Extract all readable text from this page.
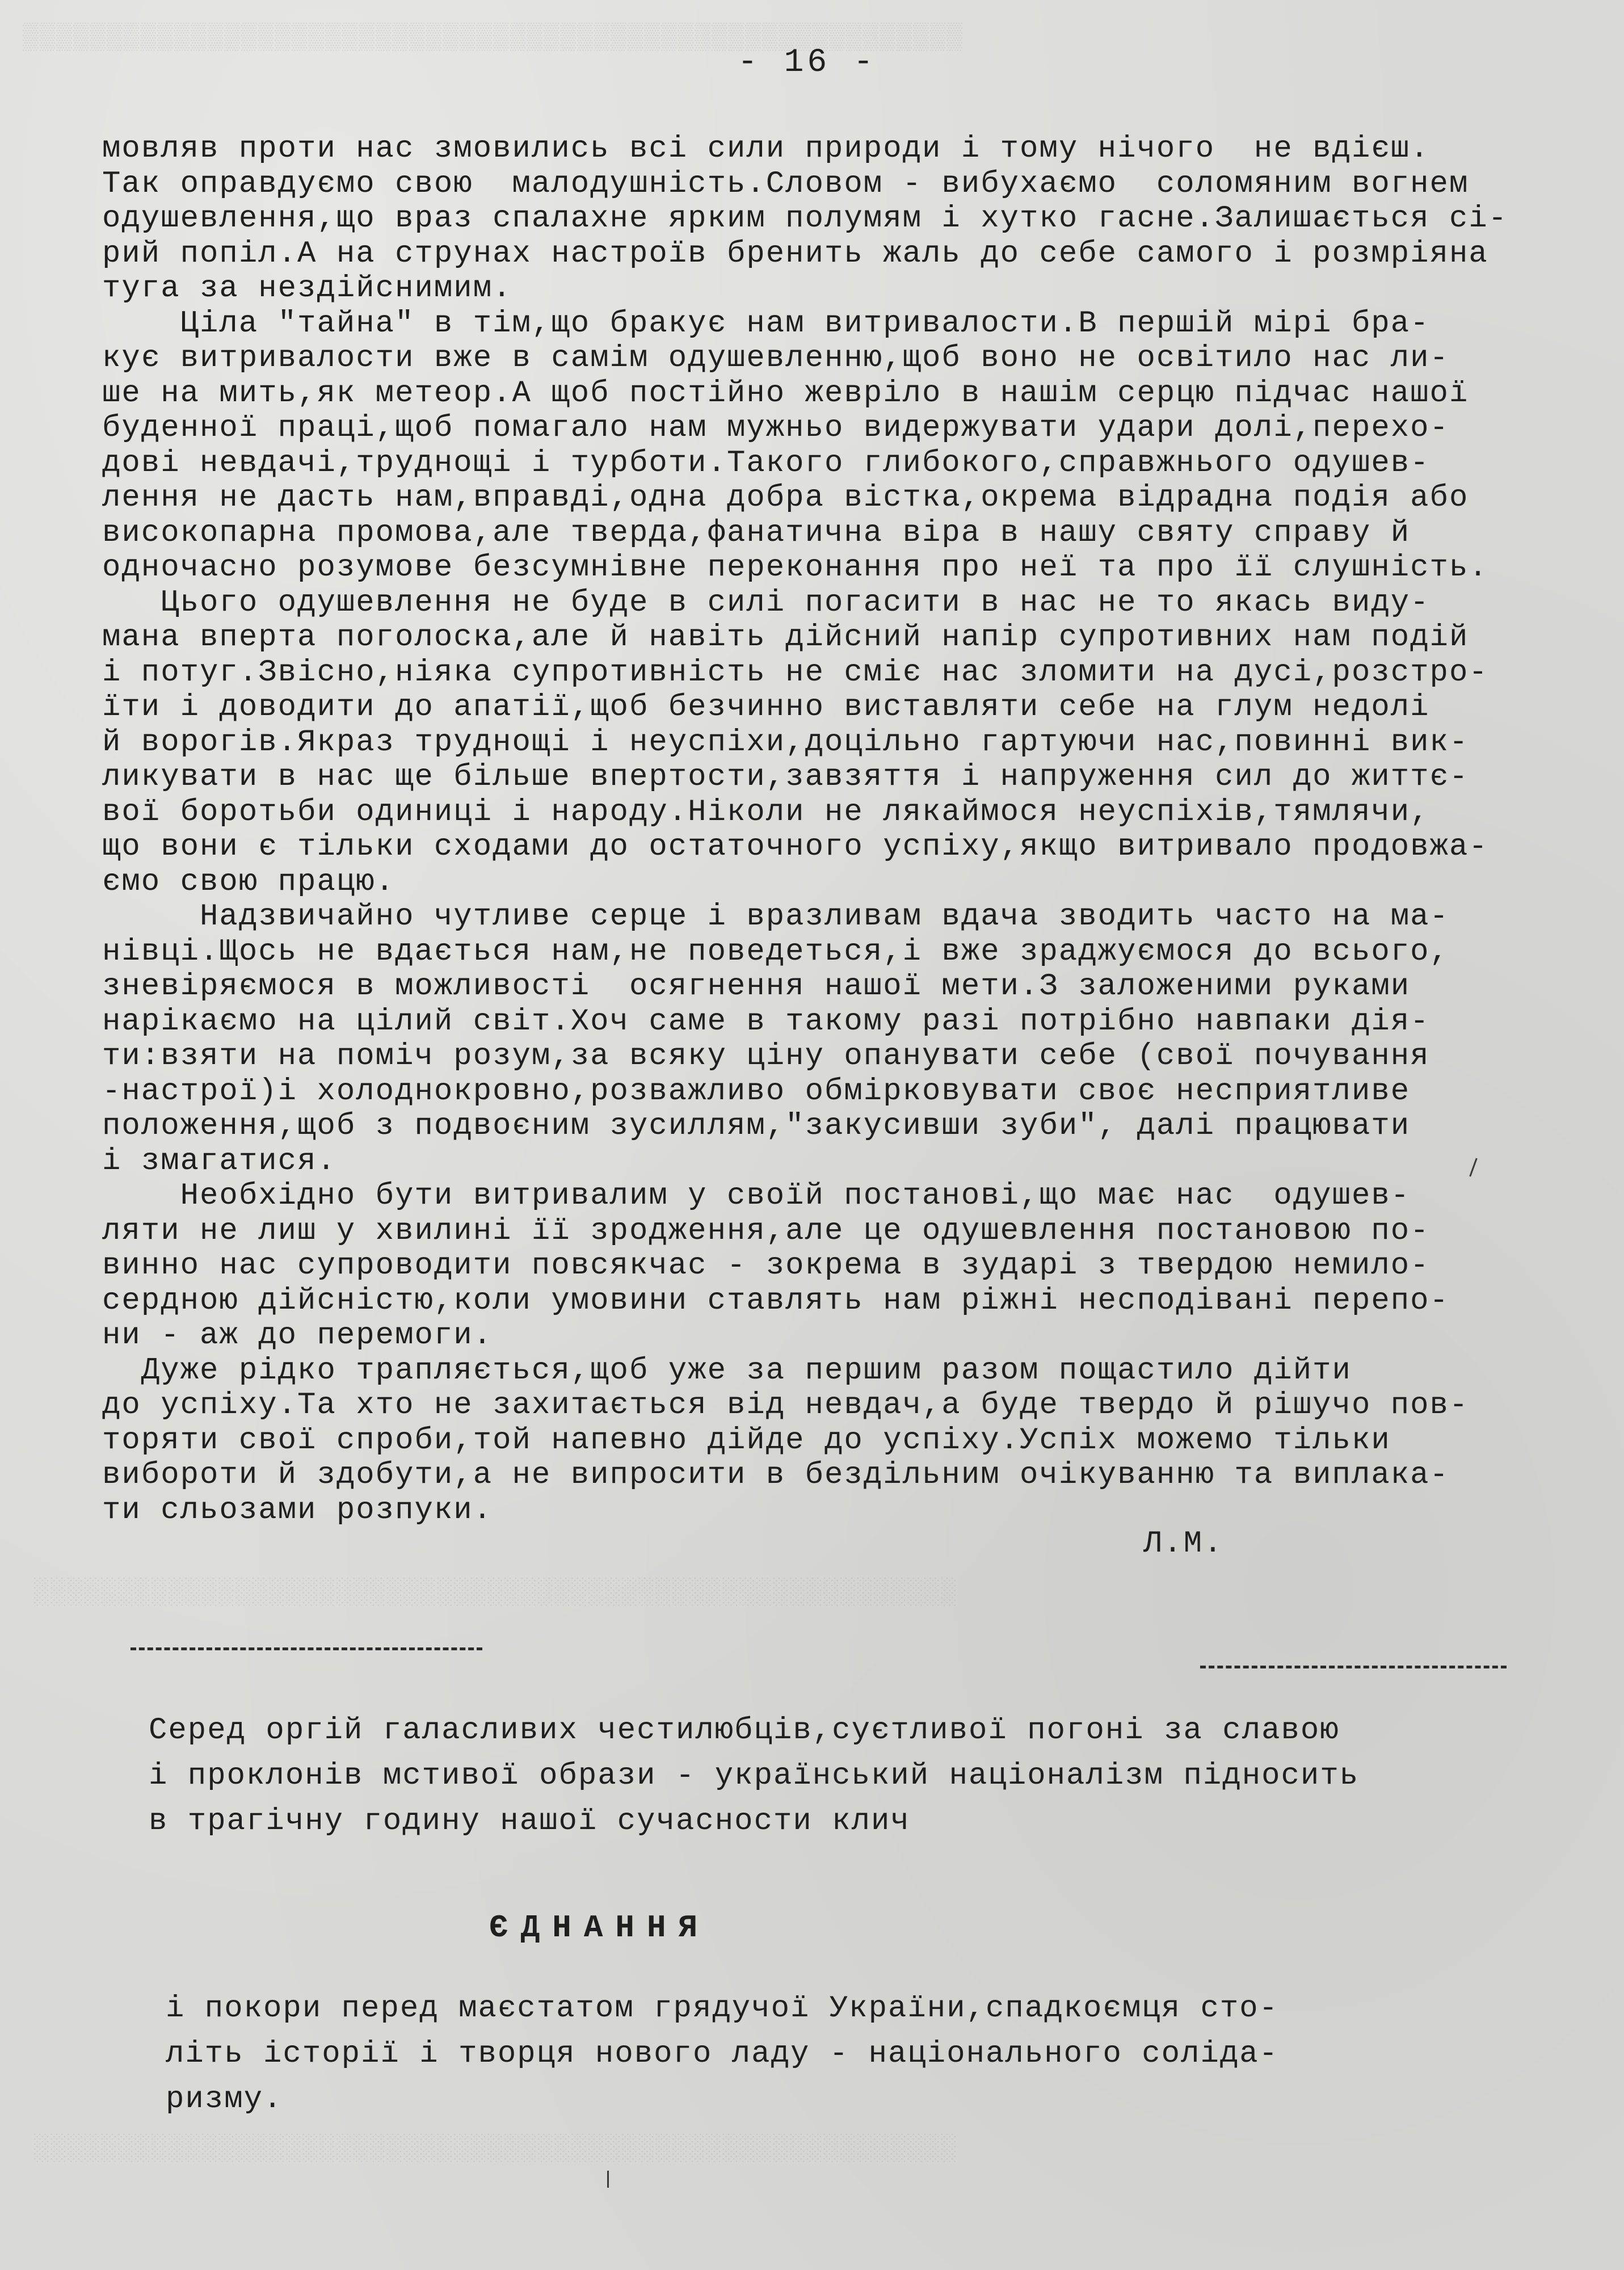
▒▒▒▒▒▒▒▒▒▒▒▒▒▒▒▒▒▒▒▒▒▒▒▒▒▒▒▒▒▒▒▒▒▒▒▒▒▒▒▒▒▒▒▒▒▒▒▒▒▒▒▒▒▒▒▒
░░░░░░░░░░░░░░░░░░░░░░░░░░░░░░░░░░░░░░░░░░░░░░░░░░░░░░░
░░░░░░░░░░░░░░░░░░░░░░░░░░░░░░░░░░░░░░░░░░░░░░░░░░░░░░░
- 16 -

мовляв проти нас змовились всі сили природи і тому нічого  не вдієш.
Так оправдуємо свою  малодушність.Словом - вибухаємо  соломяним вогнем
одушевлення,що враз спалахне ярким полумям і хутко гасне.Залишається сі-
рий попіл.А на струнах настроїв бренить жаль до себе самого і розмріяна
туга за нездійснимим.

Ціла "тайна" в тім,що бракує нам витривалости.В першій мірі бра-
кує витривалости вже в самім одушевленню,щоб воно не освітило нас ли-
ше на мить,як метеор.А щоб постійно жевріло в нашім серцю підчас нашої
буденної праці,щоб помагало нам мужньо видержувати удари долі,перехо-
дові невдачі,труднощі і турботи.Такого глибокого,справжнього одушев-
лення не дасть нам,вправді,одна добра вістка,окрема відрадна подія або
високопарна промова,але тверда,фанатична віра в нашу святу справу й
одночасно розумове безсумнівне переконання про неї та про її слушність.

Цього одушевлення не буде в силі погасити в нас не то якась виду-
мана вперта поголоска,але й навіть дійсний напір супротивних нам подій
і потуг.Звісно,ніяка супротивність не сміє нас зломити на дусі,розстро-
їти і доводити до апатії,щоб безчинно виставляти себе на глум недолі
й ворогів.Якраз труднощі і неуспіхи,доцільно гартуючи нас,повинні вик-
ликувати в нас ще більше впертости,завзяття і напруження сил до життє-
вої боротьби одиниці і народу.Ніколи не лякаймося неуспіхів,тямлячи,
що вони є тільки сходами до остаточного успіху,якщо витривало продовжа-
ємо свою працю.

Надзвичайно чутливе серце і вразливам вдача зводить часто на ма-
нівці.Щось не вдається нам,не поведеться,і вже зраджуємося до всього,
зневіряємося в можливості  осягнення нашої мети.З заложеними руками
нарікаємо на цілий світ.Хоч саме в такому разі потрібно навпаки дія-
ти:взяти на поміч розум,за всяку ціну опанувати себе (свої почування
-настрої)і холоднокровно,розважливо обмірковувати своє несприятливе
положення,щоб з подвоєним зусиллям,"закусивши зуби", далі працювати
і змагатися.

Необхідно бути витривалим у своїй постанові,що має нас  одушев-
ляти не лиш у хвилині її зродження,але це одушевлення постановою по-
винно нас супроводити повсякчас - зокрема в зударі з твердою немило-
сердною дійсністю,коли умовини ставлять нам ріжні несподівані перепо-
ни - аж до перемоги.

Дуже рідко трапляється,щоб уже за першим разом пощастило дійти
до успіху.Та хто не захитається від невдач,а буде твердо й рішучо пов-
торяти свої спроби,той напевно дійде до успіху.Успіх можемо тільки
вибороти й здобути,а не випросити в бездільним очікуванню та виплака-
ти сльозами розпуки.

Л.М.
Серед оргій галасливих честилюбців,суєтливої погоні за славою
і проклонів мстивої образи - український націоналізм підносить
в трагічну годину нашої сучасности клич
ЄДНАННЯ
і покори перед маєстатом грядучої України,спадкоємця сто-
літь історії і творця нового ладу - національного соліда-
ризму.
